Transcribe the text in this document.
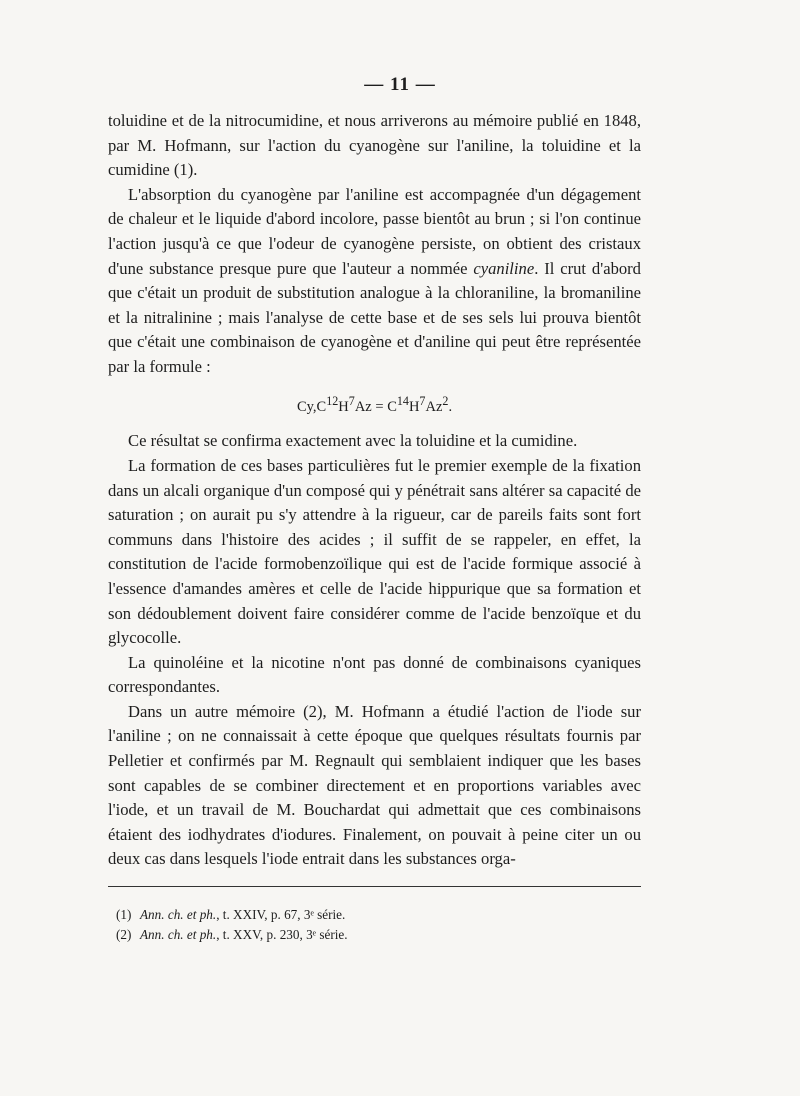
— 11 —

toluidine et de la nitrocumidine, et nous arriverons au mémoire publié en 1848, par M. Hofmann, sur l'action du cyanogène sur l'aniline, la toluidine et la cumidine (1).

L'absorption du cyanogène par l'aniline est accompagnée d'un dégagement de chaleur et le liquide d'abord incolore, passe bientôt au brun ; si l'on continue l'action jusqu'à ce que l'odeur de cyanogène persiste, on obtient des cristaux d'une substance presque pure que l'auteur a nommée cyaniline. Il crut d'abord que c'était un produit de substitution analogue à la chloraniline, la bromaniline et la nitralinine ; mais l'analyse de cette base et de ses sels lui prouva bientôt que c'était une combinaison de cyanogène et d'aniline qui peut être représentée par la formule :

$Cy,C^{12}H^7Az = C^{14}H^7Az^2$.

Ce résultat se confirma exactement avec la toluidine et la cumidine.

La formation de ces bases particulières fut le premier exemple de la fixation dans un alcali organique d'un composé qui y pénétrait sans altérer sa capacité de saturation ; on aurait pu s'y attendre à la rigueur, car de pareils faits sont fort communs dans l'histoire des acides ; il suffit de se rappeler, en effet, la constitution de l'acide formobenzoïlique qui est de l'acide formique associé à l'essence d'amandes amères et celle de l'acide hippurique que sa formation et son dédoublement doivent faire considérer comme de l'acide benzoïque et du glycocolle.

La quinoléine et la nicotine n'ont pas donné de combinaisons cyaniques correspondantes.

Dans un autre mémoire (2), M. Hofmann a étudié l'action de l'iode sur l'aniline ; on ne connaissait à cette époque que quelques résultats fournis par Pelletier et confirmés par M. Regnault qui semblaient indiquer que les bases sont capables de se combiner directement et en proportions variables avec l'iode, et un travail de M. Bouchardat qui admettait que ces combinaisons étaient des iodhydrates d'iodures. Finalement, on pouvait à peine citer un ou deux cas dans lesquels l'iode entrait dans les substances orga-

(1) Ann. ch. et ph., t. XXIV, p. 67, 3ᵉ série.

(2) Ann. ch. et ph., t. XXV, p. 230, 3ᵉ série.
